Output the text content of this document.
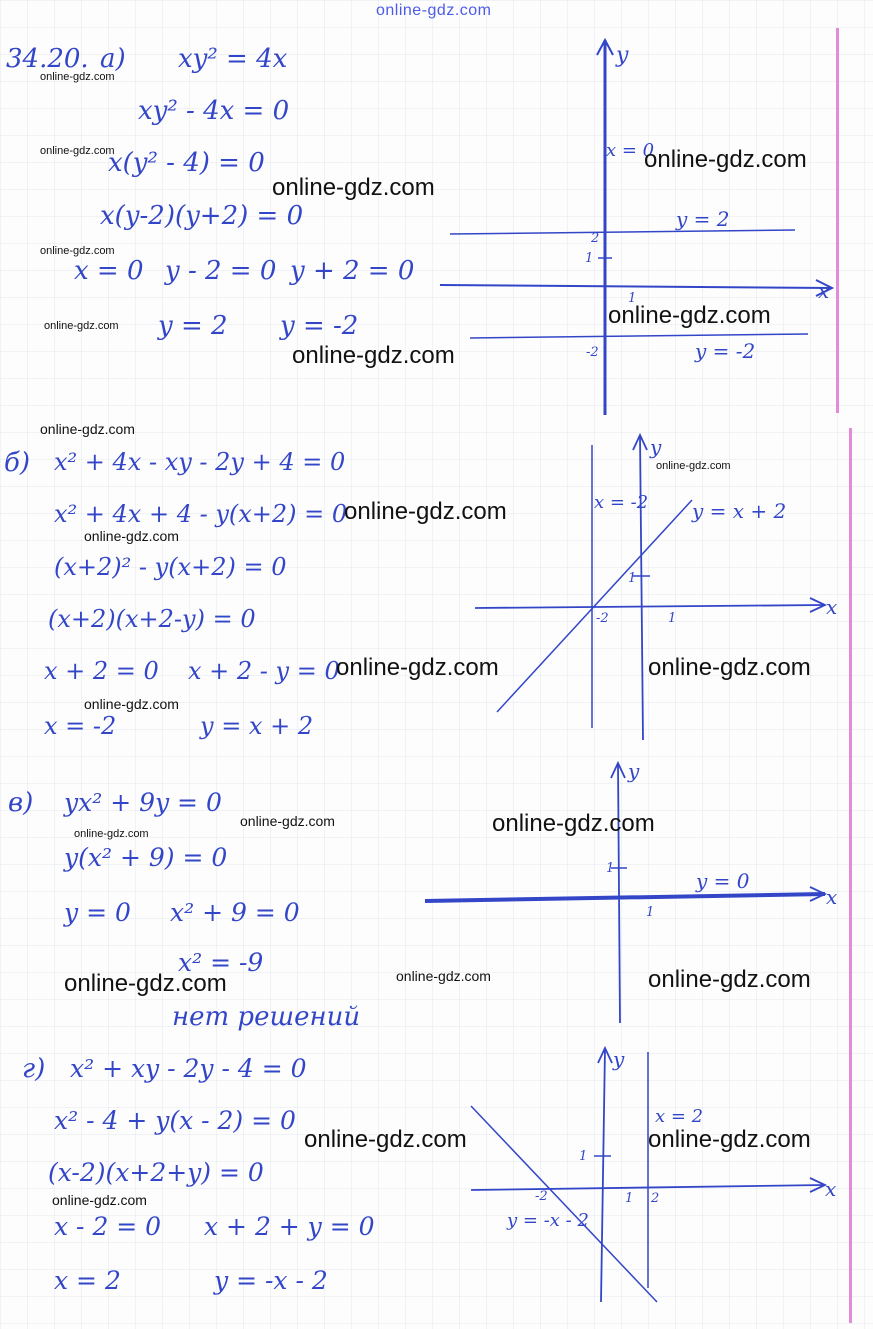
online-gdz.com
34.20. а) xy² = 4x
xy² - 4x = 0
x(y² - 4) = 0
x(y-2)(y+2) = 0
x = 0 y - 2 = 0 y + 2 = 0
y = 2 y = -2
y
x
x = 0
y = 2
y = -2
2
1
-2
1
б) x² + 4x - xy - 2y + 4 = 0
x² + 4x + 4 - y(x+2) = 0
(x+2)² - y(x+2) = 0
(x+2)(x+2-y) = 0
x + 2 = 0 x + 2 - y = 0
x = -2	y = x + 2
y
x
x = -2 y = x + 2
1
-2	1
в) yx² + 9y = 0
y(x² + 9) = 0
y = 0 x² + 9 = 0
x² = -9
нет решений
y
x
y = 0
1
1
г) x² + xy - 2y - 4 = 0
x² - 4 + y(x - 2) = 0
(x-2)(x+2+y) = 0
x - 2 = 0 x + 2 + y = 0
x = 2	y = -x - 2
y
x
x = 2
y = -x - 2
1
-2	1 2
online-gdz.com
online-gdz.com
online-gdz.com
online-gdz.com
online-gdz.com
online-gdz.com	online-gdz.com
online-gdz.com
online-gdz.com
online-gdz.com
online-gdz.com
online-gdz.com
online-gdz.com	online-gdz.com
online-gdz.com
online-gdz.com
online-gdz.com
online-gdz.com
online-gdz.com
online-gdz.com	online-gdz.com
online-gdz.com	online-gdz.com
online-gdz.com
